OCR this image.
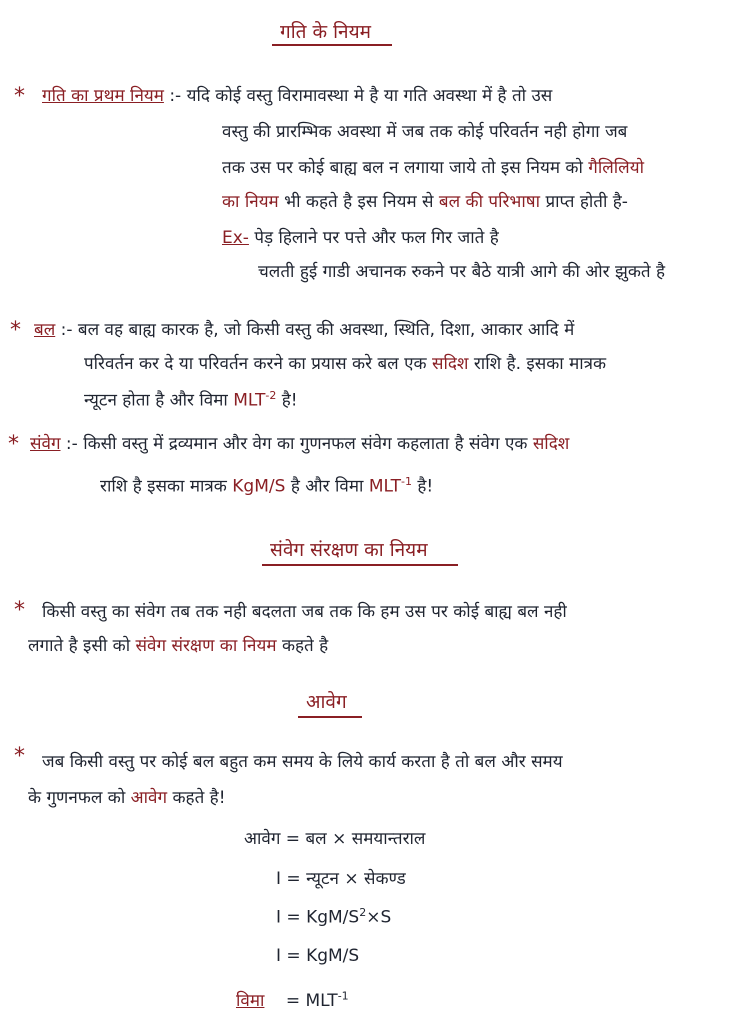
गति के नियम
* गति का प्रथम नियम :- यदि कोई वस्तु विरामावस्था मे है या गति अवस्था में है तो उस
वस्तु की प्रारम्भिक अवस्था में जब तक कोई परिवर्तन नही होगा जब
तक उस पर कोई बाह्य बल न लगाया जाये तो इस नियम को गैलिलियो
का नियम भी कहते है इस नियम से बल की परिभाषा प्राप्त होती है-
Ex- पेड़ हिलाने पर पत्ते और फल गिर जाते है
चलती हुई गाडी अचानक रुकने पर बैठे यात्री आगे की ओर झुकते है
* बल :- बल वह बाह्य कारक है, जो किसी वस्तु की अवस्था, स्थिति, दिशा, आकार आदि में
परिवर्तन कर दे या परिवर्तन करने का प्रयास करे बल एक सदिश राशि है. इसका मात्रक
न्यूटन होता है और विमा $MLT^{-2}$ है!
* संवेग :- किसी वस्तु में द्रव्यमान और वेग का गुणनफल संवेग कहलाता है संवेग एक सदिश
राशि है इसका मात्रक KgM/S है और विमा $MLT^{-1}$ है!
संवेग संरक्षण का नियम
* किसी वस्तु का संवेग तब तक नही बदलता जब तक कि हम उस पर कोई बाह्य बल नही
लगाते है इसी को संवेग संरक्षण का नियम कहते है
आवेग
* जब किसी वस्तु पर कोई बल बहुत कम समय के लिये कार्य करता है तो बल और समय
के गुणनफल को आवेग कहते है!
आवेग = बल × समयान्तराल
I = न्यूटन × सेकण्ड
I = KgM/$S^2\times S$
I = KgM/S
विमा = $MLT^{-1}$
